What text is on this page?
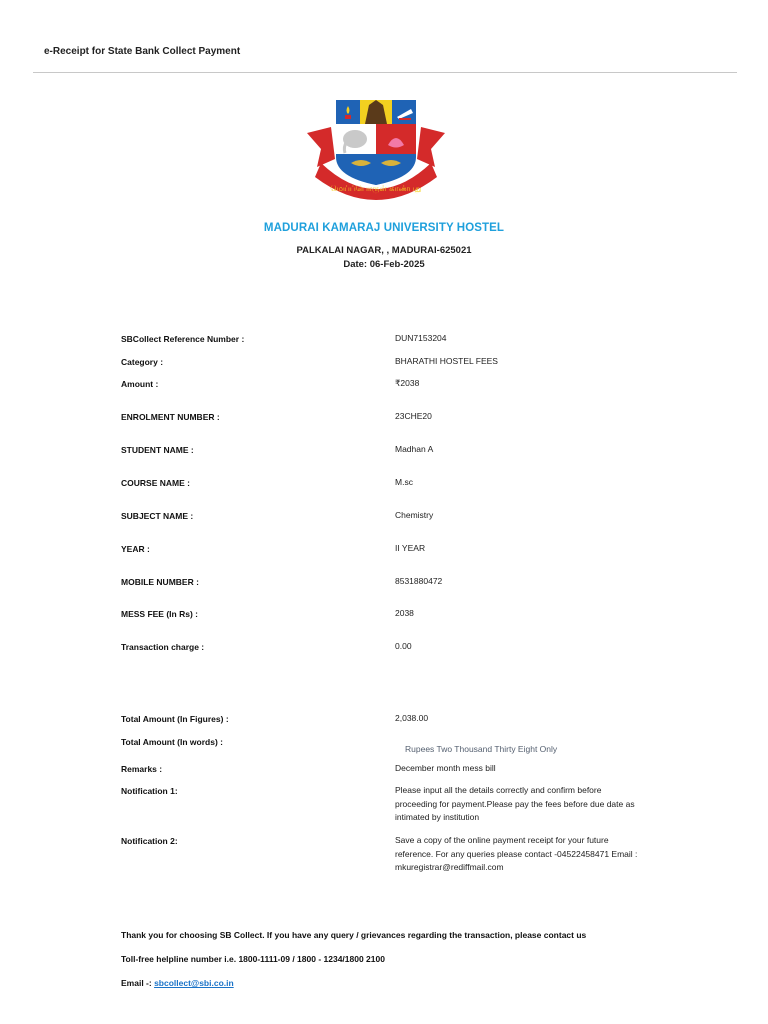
e-Receipt for State Bank Collect Payment
மெய்ப்பொருள் காண்பது
MADURAI KAMARAJ UNIVERSITY HOSTEL
PALKALAI NAGAR, , MADURAI-625021
Date: 06-Feb-2025
SBCollect Reference Number :	DUN7153204
Category :	BHARATHI HOSTEL FEES
Amount :	₹2038
ENROLMENT NUMBER :	23CHE20
STUDENT NAME :	Madhan A
COURSE NAME :	M.sc
SUBJECT NAME :	Chemistry
YEAR :	II YEAR
MOBILE NUMBER :	8531880472
MESS FEE (In Rs) :	2038
Transaction charge :	0.00
Total Amount (In Figures) :	2,038.00
Total Amount (In words) :
Rupees Two Thousand Thirty Eight Only
Remarks :	December month mess bill
Notification 1:	Please input all the details correctly and confirm before proceeding for payment.Please pay the fees before due date as intimated by institution
Notification 2:	Save a copy of the online payment receipt for your future reference. For any queries please contact -04522458471 Email : mkuregistrar@rediffmail.com
Thank you for choosing SB Collect. If you have any query / grievances regarding the transaction, please contact us
Toll-free helpline number i.e. 1800-1111-09 / 1800 - 1234/1800 2100
Email -: sbcollect@sbi.co.in
